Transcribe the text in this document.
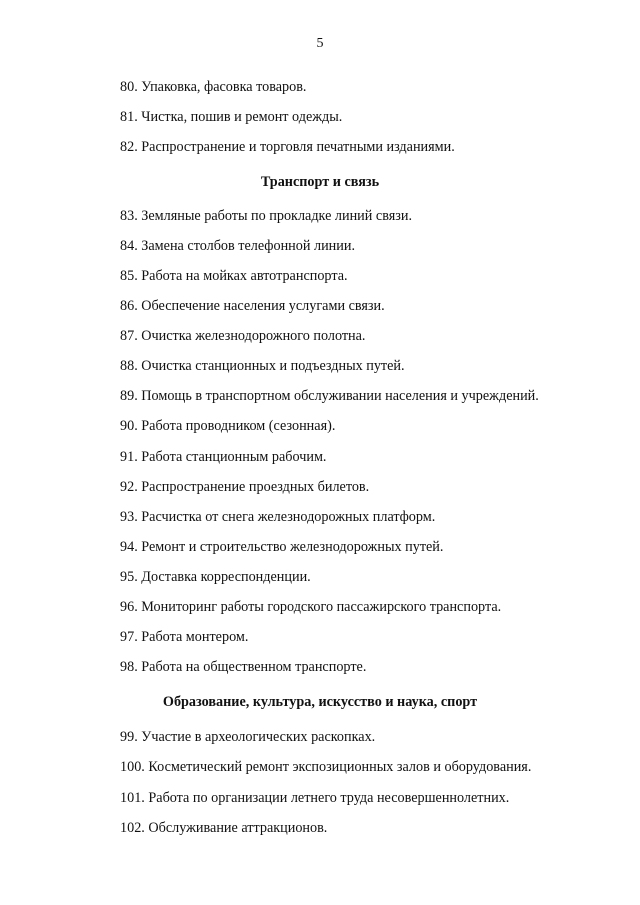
5
80. Упаковка, фасовка товаров.
81. Чистка, пошив и ремонт одежды.
82. Распространение и торговля печатными изданиями.
Транспорт и связь
83. Земляные работы по прокладке линий связи.
84. Замена столбов телефонной линии.
85. Работа на мойках автотранспорта.
86. Обеспечение населения услугами связи.
87. Очистка железнодорожного полотна.
88. Очистка станционных и подъездных путей.
89. Помощь в транспортном обслуживании населения и учреждений.
90. Работа проводником (сезонная).
91. Работа станционным рабочим.
92. Распространение проездных билетов.
93. Расчистка от снега железнодорожных платформ.
94. Ремонт и строительство железнодорожных путей.
95. Доставка корреспонденции.
96. Мониторинг работы городского пассажирского транспорта.
97. Работа монтером.
98. Работа на общественном транспорте.
Образование, культура, искусство и наука, спорт
99. Участие в археологических раскопках.
100. Косметический ремонт экспозиционных залов и оборудования.
101. Работа по организации летнего труда несовершеннолетних.
102. Обслуживание аттракционов.
